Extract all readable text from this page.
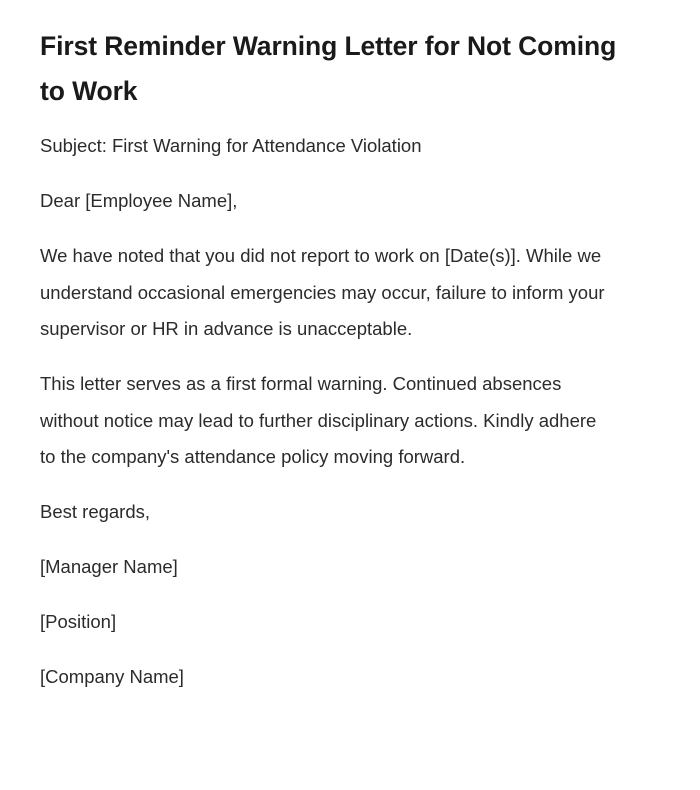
First Reminder Warning Letter for Not Coming to Work

Subject: First Warning for Attendance Violation

Dear [Employee Name],

We have noted that you did not report to work on [Date(s)]. While we understand occasional emergencies may occur, failure to inform your supervisor or HR in advance is unacceptable.

This letter serves as a first formal warning. Continued absences without notice may lead to further disciplinary actions. Kindly adhere to the company's attendance policy moving forward.

Best regards,

[Manager Name]

[Position]

[Company Name]
